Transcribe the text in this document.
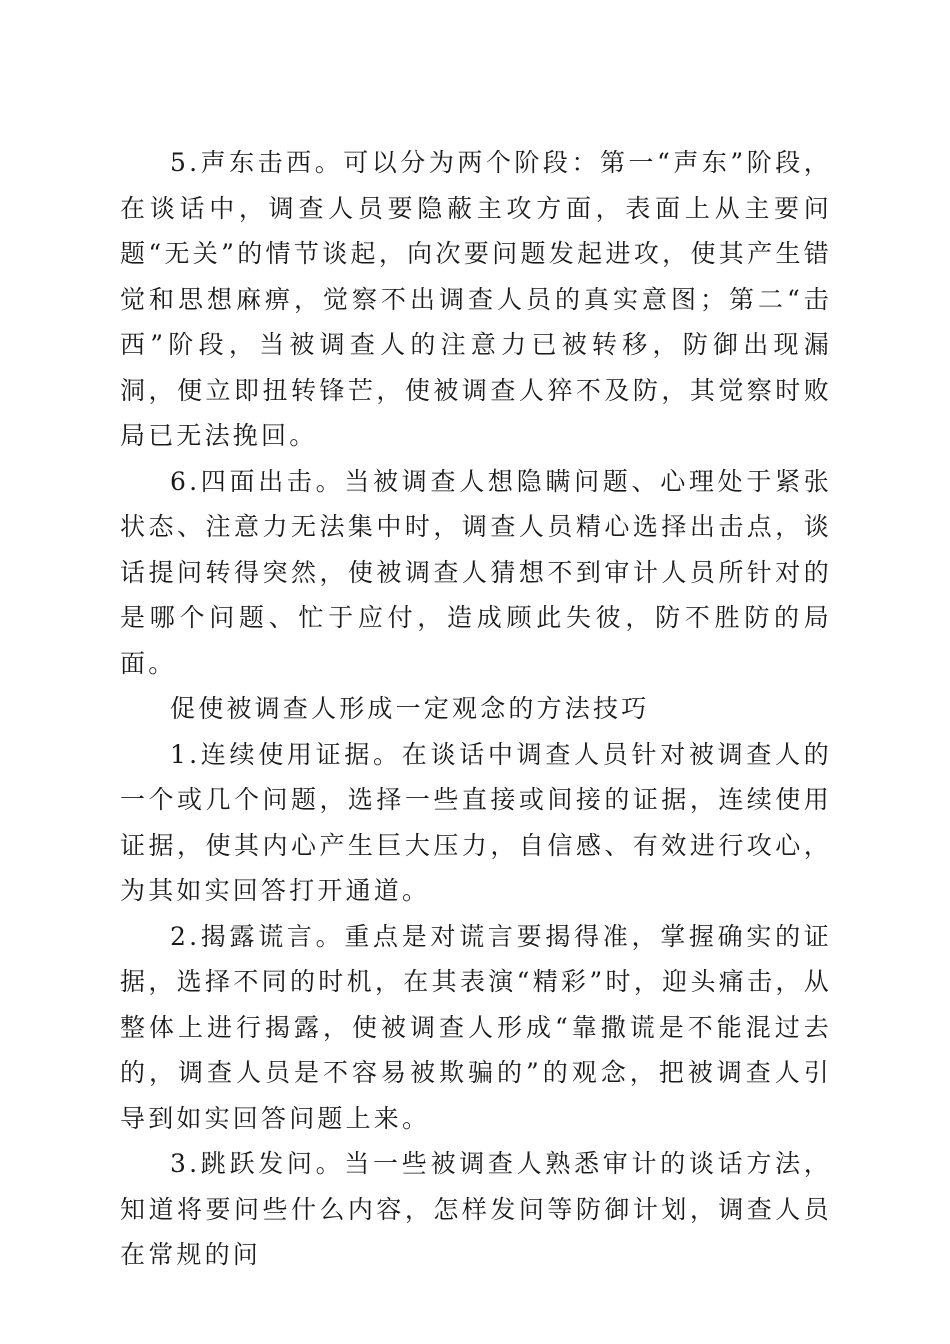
5.声东击西。可以分为两个阶段：第一“声东”阶段，在谈话中，调查人员要隐蔽主攻方面，表面上从主要问题“无关”的情节谈起，向次要问题发起进攻，使其产生错觉和思想麻痹，觉察不出调查人员的真实意图；第二“击西”阶段，当被调查人的注意力已被转移，防御出现漏洞，便立即扭转锋芒，使被调查人猝不及防，其觉察时败局已无法挽回。

6.四面出击。当被调查人想隐瞒问题、心理处于紧张状态、注意力无法集中时，调查人员精心选择出击点，谈话提问转得突然，使被调查人猜想不到审计人员所针对的是哪个问题、忙于应付，造成顾此失彼，防不胜防的局面。

促使被调查人形成一定观念的方法技巧

1.连续使用证据。在谈话中调查人员针对被调查人的一个或几个问题，选择一些直接或间接的证据，连续使用证据，使其内心产生巨大压力，自信感、有效进行攻心，为其如实回答打开通道。

2.揭露谎言。重点是对谎言要揭得准，掌握确实的证据，选择不同的时机，在其表演“精彩”时，迎头痛击，从整体上进行揭露，使被调查人形成“靠撒谎是不能混过去的，调查人员是不容易被欺骗的”的观念，把被调查人引导到如实回答问题上来。

3.跳跃发问。当一些被调查人熟悉审计的谈话方法，知道将要问些什么内容，怎样发问等防御计划，调查人员在常规的问
